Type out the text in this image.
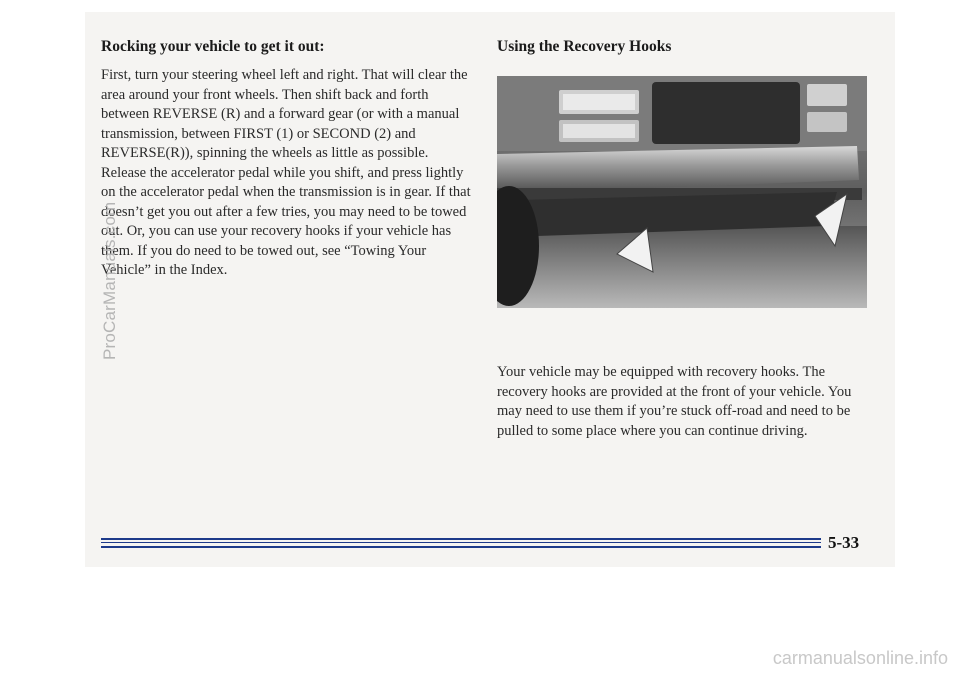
Rocking your vehicle to get it out:

First, turn your steering wheel left and right. That will clear the area around your front wheels. Then shift back and forth between REVERSE (R) and a forward gear (or with a manual transmission, between FIRST (1) or SECOND (2) and REVERSE(R)), spinning the wheels as little as possible. Release the accelerator pedal while you shift, and press lightly on the accelerator pedal when the transmission is in gear. If that doesn’t get you out after a few tries, you may need to be towed out. Or, you can use your recovery hooks if your vehicle has them. If you do need to be towed out, see “Towing Your Vehicle” in the Index.

Using the Recovery Hooks

Your vehicle may be equipped with recovery hooks. The recovery hooks are provided at the front of your vehicle. You may need to use them if you’re stuck off-road and need to be pulled to some place where you can continue driving.

5-33
ProCarManuals.com
carmanualsonline.info
